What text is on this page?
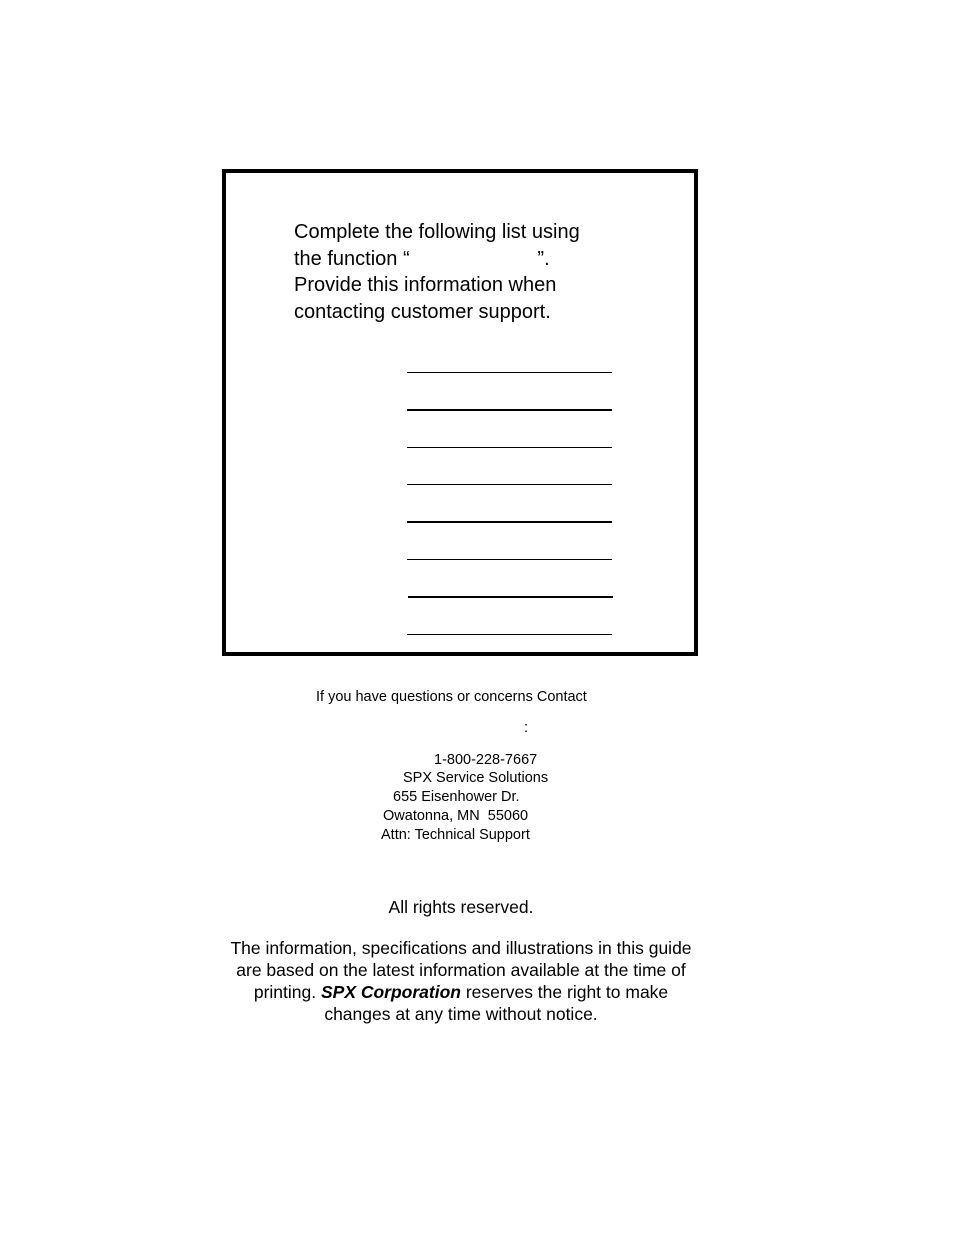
Complete the following list using
the function “                       ”.
Provide this information when
contacting customer support.

If you have questions or concerns Contact
:
1-800-228-7667
SPX Service Solutions
655 Eisenhower Dr.
Owatonna, MN  55060
Attn: Technical Support
All rights reserved.

The information, specifications and illustrations in this guide
are based on the latest information available at the time of
printing. SPX Corporation reserves the right to make
changes at any time without notice.
